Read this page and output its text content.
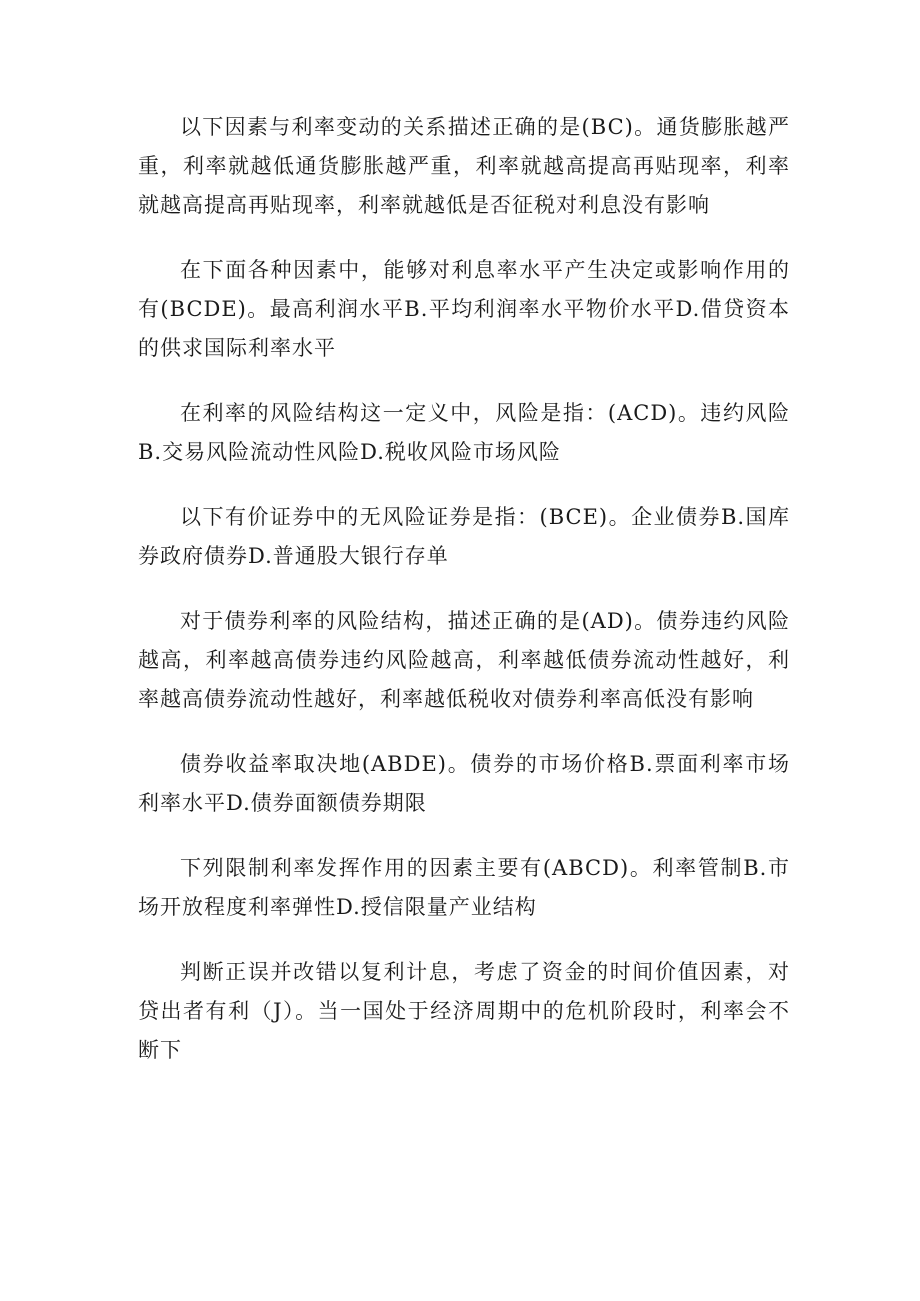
以下因素与利率变动的关系描述正确的是(BC)。通货膨胀越严重，利率就越低通货膨胀越严重，利率就越高提高再贴现率，利率就越高提高再贴现率，利率就越低是否征税对利息没有影响

在下面各种因素中，能够对利息率水平产生决定或影响作用的有(BCDE)。最高利润水平B.平均利润率水平物价水平D.借贷资本的供求国际利率水平

在利率的风险结构这一定义中，风险是指：(ACD)。违约风险B.交易风险流动性风险D.税收风险市场风险

以下有价证券中的无风险证券是指：(BCE)。企业债券B.国库券政府债券D.普通股大银行存单

对于债券利率的风险结构，描述正确的是(AD)。债券违约风险越高，利率越高债券违约风险越高，利率越低债券流动性越好，利率越高债券流动性越好，利率越低税收对债券利率高低没有影响

债券收益率取决地(ABDE)。债券的市场价格B.票面利率市场利率水平D.债券面额债券期限

下列限制利率发挥作用的因素主要有(ABCD)。利率管制B.市场开放程度利率弹性D.授信限量产业结构

判断正误并改错以复利计息，考虑了资金的时间价值因素，对贷出者有利（J）。当一国处于经济周期中的危机阶段时，利率会不断下
